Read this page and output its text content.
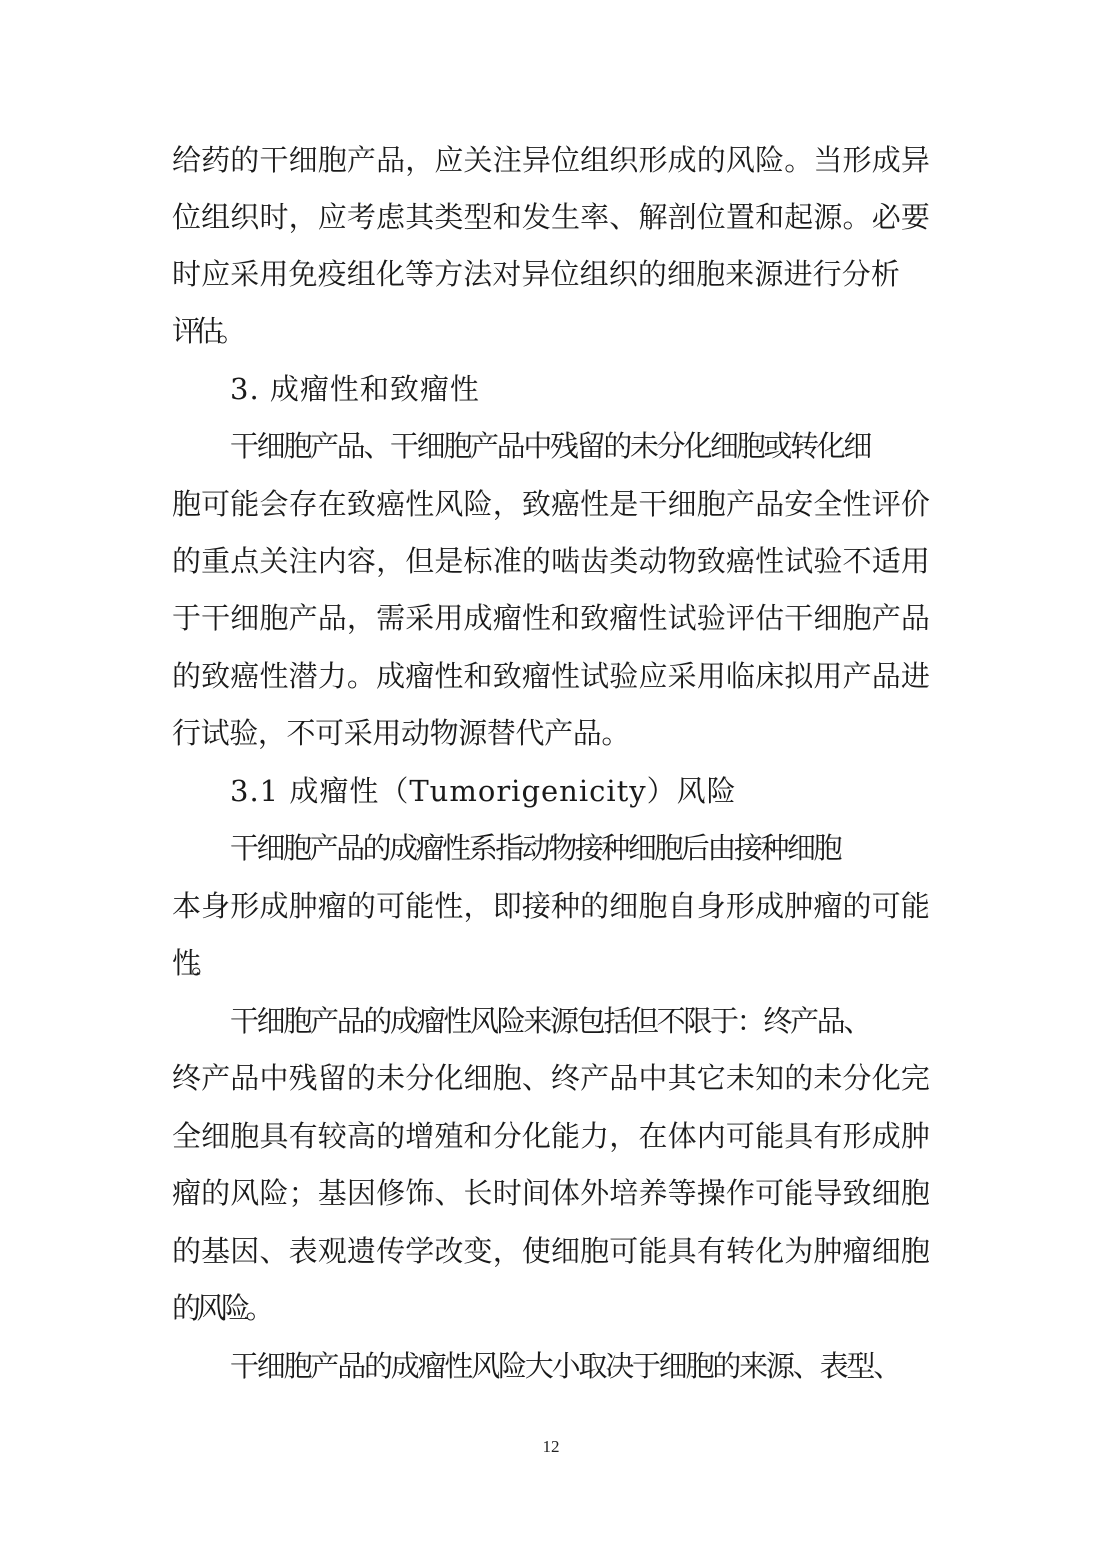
给药的干细胞产品，应关注异位组织形成的风险。当形成异
位组织时，应考虑其类型和发生率、解剖位置和起源。必要
时应采用免疫组化等方法对异位组织的细胞来源进行分析
评估。
3. 成瘤性和致瘤性
干细胞产品、干细胞产品中残留的未分化细胞或转化细
胞可能会存在致癌性风险，致癌性是干细胞产品安全性评价
的重点关注内容，但是标准的啮齿类动物致癌性试验不适用
于干细胞产品，需采用成瘤性和致瘤性试验评估干细胞产品
的致癌性潜力。成瘤性和致瘤性试验应采用临床拟用产品进
行试验，不可采用动物源替代产品。
3.1 成瘤性（Tumorigenicity）风险
干细胞产品的成瘤性系指动物接种细胞后由接种细胞
本身形成肿瘤的可能性，即接种的细胞自身形成肿瘤的可能
性。
干细胞产品的成瘤性风险来源包括但不限于：终产品、
终产品中残留的未分化细胞、终产品中其它未知的未分化完
全细胞具有较高的增殖和分化能力，在体内可能具有形成肿
瘤的风险；基因修饰、长时间体外培养等操作可能导致细胞
的基因、表观遗传学改变，使细胞可能具有转化为肿瘤细胞
的风险。
干细胞产品的成瘤性风险大小取决于细胞的来源、表型、
12
